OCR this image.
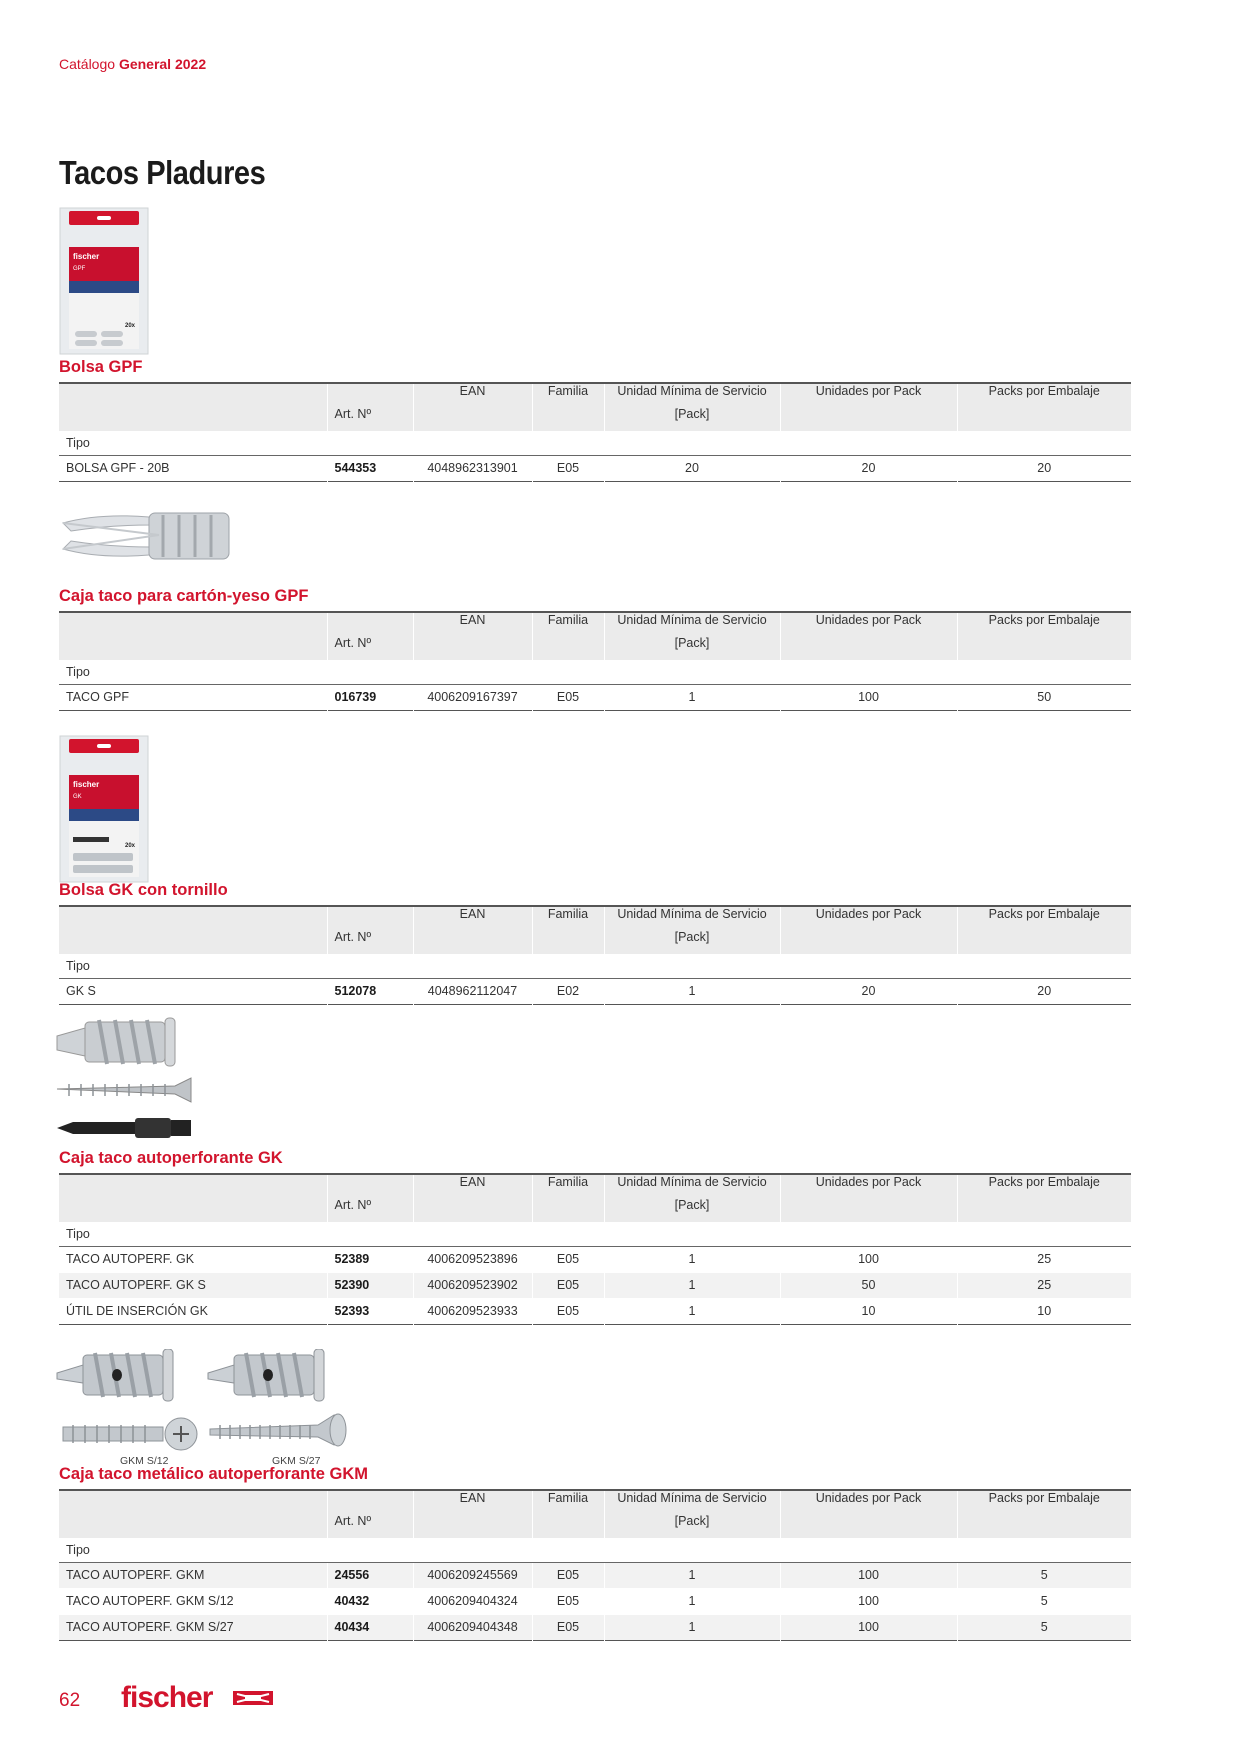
Catálogo General 2022
Tacos Pladures
fischer
GPF
20x
fischer
GK
20x
GKM S/12	GKM S/27
Bolsa GPF
		EAN	Familia	Unidad Mínima de Servicio	Unidades por Pack	Packs por Embalaje
	Art. Nº			[Pack]		
Tipo						
BOLSA GPF - 20B	544353	4048962313901	E05	20	20	20
Caja taco para cartón-yeso GPF
		EAN	Familia	Unidad Mínima de Servicio	Unidades por Pack	Packs por Embalaje
	Art. Nº			[Pack]		
Tipo						
TACO GPF	016739	4006209167397	E05	1	100	50
Bolsa GK con tornillo
		EAN	Familia	Unidad Mínima de Servicio	Unidades por Pack	Packs por Embalaje
	Art. Nº			[Pack]		
Tipo						
GK S	512078	4048962112047	E02	1	20	20
Caja taco autoperforante GK
		EAN	Familia	Unidad Mínima de Servicio	Unidades por Pack	Packs por Embalaje
	Art. Nº			[Pack]		
Tipo						
TACO AUTOPERF. GK	52389	4006209523896	E05	1	100	25
TACO AUTOPERF. GK S	52390	4006209523902	E05	1	50	25
ÚTIL DE INSERCIÓN GK	52393	4006209523933	E05	1	10	10
Caja taco metálico autoperforante GKM
		EAN	Familia	Unidad Mínima de Servicio	Unidades por Pack	Packs por Embalaje
	Art. Nº			[Pack]		
Tipo						
TACO AUTOPERF. GKM	24556	4006209245569	E05	1	100	5
TACO AUTOPERF. GKM S/12	40432	4006209404324	E05	1	100	5
TACO AUTOPERF. GKM S/27	40434	4006209404348	E05	1	100	5
62 fischer
